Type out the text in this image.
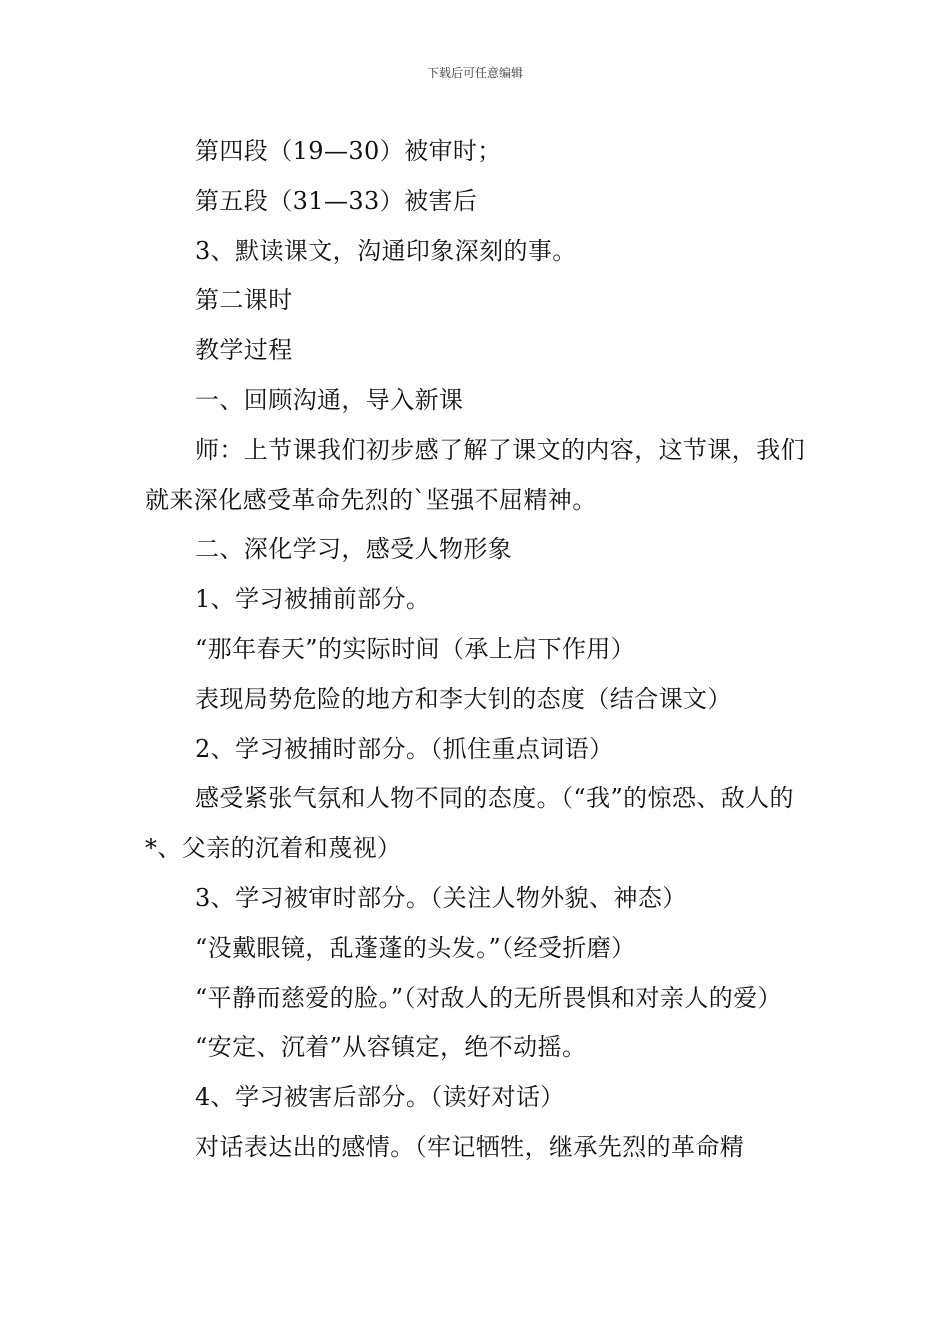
下载后可任意编辑

第四段（19—30）被审时；

第五段（31—33）被害后

3、默读课文，沟通印象深刻的事。

第二课时

教学过程

一、回顾沟通，导入新课

师：上节课我们初步感了解了课文的内容，这节课，我们就来深化感受革命先烈的`坚强不屈精神。

二、深化学习，感受人物形象

1、学习被捕前部分。

“那年春天”的实际时间（承上启下作用）

表现局势危险的地方和李大钊的态度（结合课文）

2、学习被捕时部分。（抓住重点词语）

感受紧张气氛和人物不同的态度。（“我”的惊恐、敌人的*、父亲的沉着和蔑视）

3、学习被审时部分。（关注人物外貌、神态）

“没戴眼镜，乱蓬蓬的头发。”（经受折磨）

“平静而慈爱的脸。”（对敌人的无所畏惧和对亲人的爱）

“安定、沉着”从容镇定，绝不动摇。

4、学习被害后部分。（读好对话）

对话表达出的感情。（牢记牺牲，继承先烈的革命精
